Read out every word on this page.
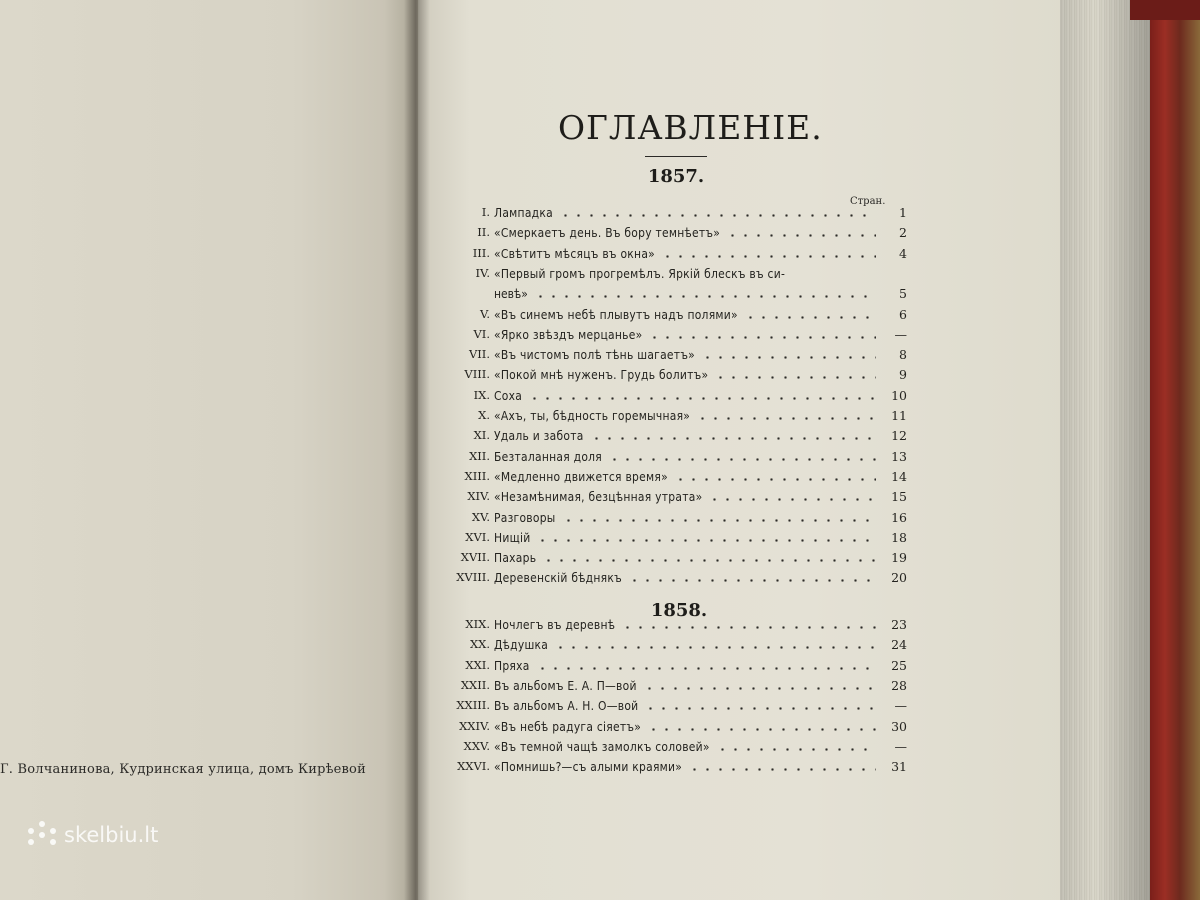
Г. Волчанинова, Кудринская улица, домъ Кирѣевой
ОГЛАВЛЕНІЕ.
Стран.
1857.
I. Лампадка	1
II. «Смеркаетъ день. Въ бору темнѣетъ»	2
III. «Свѣтитъ мѣсяцъ въ окна»	4
IV. «Первый громъ прогремѣлъ. Яркій блескъ въ си-
невѣ»	5
V. «Въ синемъ небѣ плывутъ надъ полями»	6
VI. «Ярко звѣздъ мерцанье»	—
VII. «Въ чистомъ полѣ тѣнь шагаетъ»	8
VIII. «Покой мнѣ нуженъ. Грудь болитъ»	9
IX. Соха	10
X. «Ахъ, ты, бѣдность горемычная»	11
XI. Удаль и забота	12
XII. Безталанная доля	13
XIII. «Медленно движется время»	14
XIV. «Незамѣнимая, безцѣнная утрата»	15
XV. Разговоры	16
XVI. Нищій	18
XVII. Пахарь	19
XVIII. Деревенскій бѣднякъ	20
1858.
XIX. Ночлегъ въ деревнѣ	23
XX. Дѣдушка	24
XXI. Пряха	25
XXII. Въ альбомъ Е. А. П—вой	28
XXIII. Въ альбомъ А. Н. О—вой	—
XXIV. «Въ небѣ радуга сіяетъ»	30
XXV. «Въ темной чащѣ замолкъ соловей»	—
XXVI. «Помнишь?—съ алыми краями»	31
skelbiu.lt
